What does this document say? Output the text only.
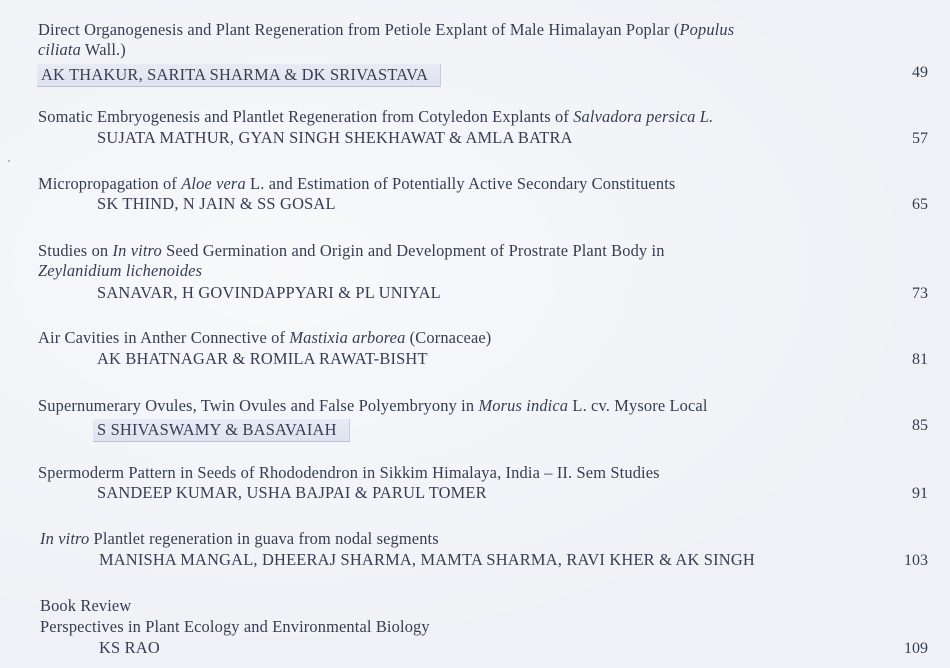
Direct Organogenesis and Plant Regeneration from Petiole Explant of Male Himalayan Poplar (Populus
ciliata Wall.)
AK THAKUR, SARITA SHARMA & DK SRIVASTAVA	49
Somatic Embryogenesis and Plantlet Regeneration from Cotyledon Explants of Salvadora persica L.
SUJATA MATHUR, GYAN SINGH SHEKHAWAT & AMLA BATRA	57
Micropropagation of Aloe vera L. and Estimation of Potentially Active Secondary Constituents
SK THIND, N JAIN & SS GOSAL	65
Studies on In vitro Seed Germination and Origin and Development of Prostrate Plant Body in
Zeylanidium lichenoides
SANAVAR, H GOVINDAPPYARI & PL UNIYAL	73
Air Cavities in Anther Connective of Mastixia arborea (Cornaceae)
AK BHATNAGAR & ROMILA RAWAT-BISHT	81
Supernumerary Ovules, Twin Ovules and False Polyembryony in Morus indica L. cv. Mysore Local
S SHIVASWAMY & BASAVAIAH	85
Spermoderm Pattern in Seeds of Rhododendron in Sikkim Himalaya, India – II. Sem Studies
SANDEEP KUMAR, USHA BAJPAI & PARUL TOMER	91
In vitro Plantlet regeneration in guava from nodal segments
MANISHA MANGAL, DHEERAJ SHARMA, MAMTA SHARMA, RAVI KHER & AK SINGH	103
Book Review
Perspectives in Plant Ecology and Environmental Biology
KS RAO	109
